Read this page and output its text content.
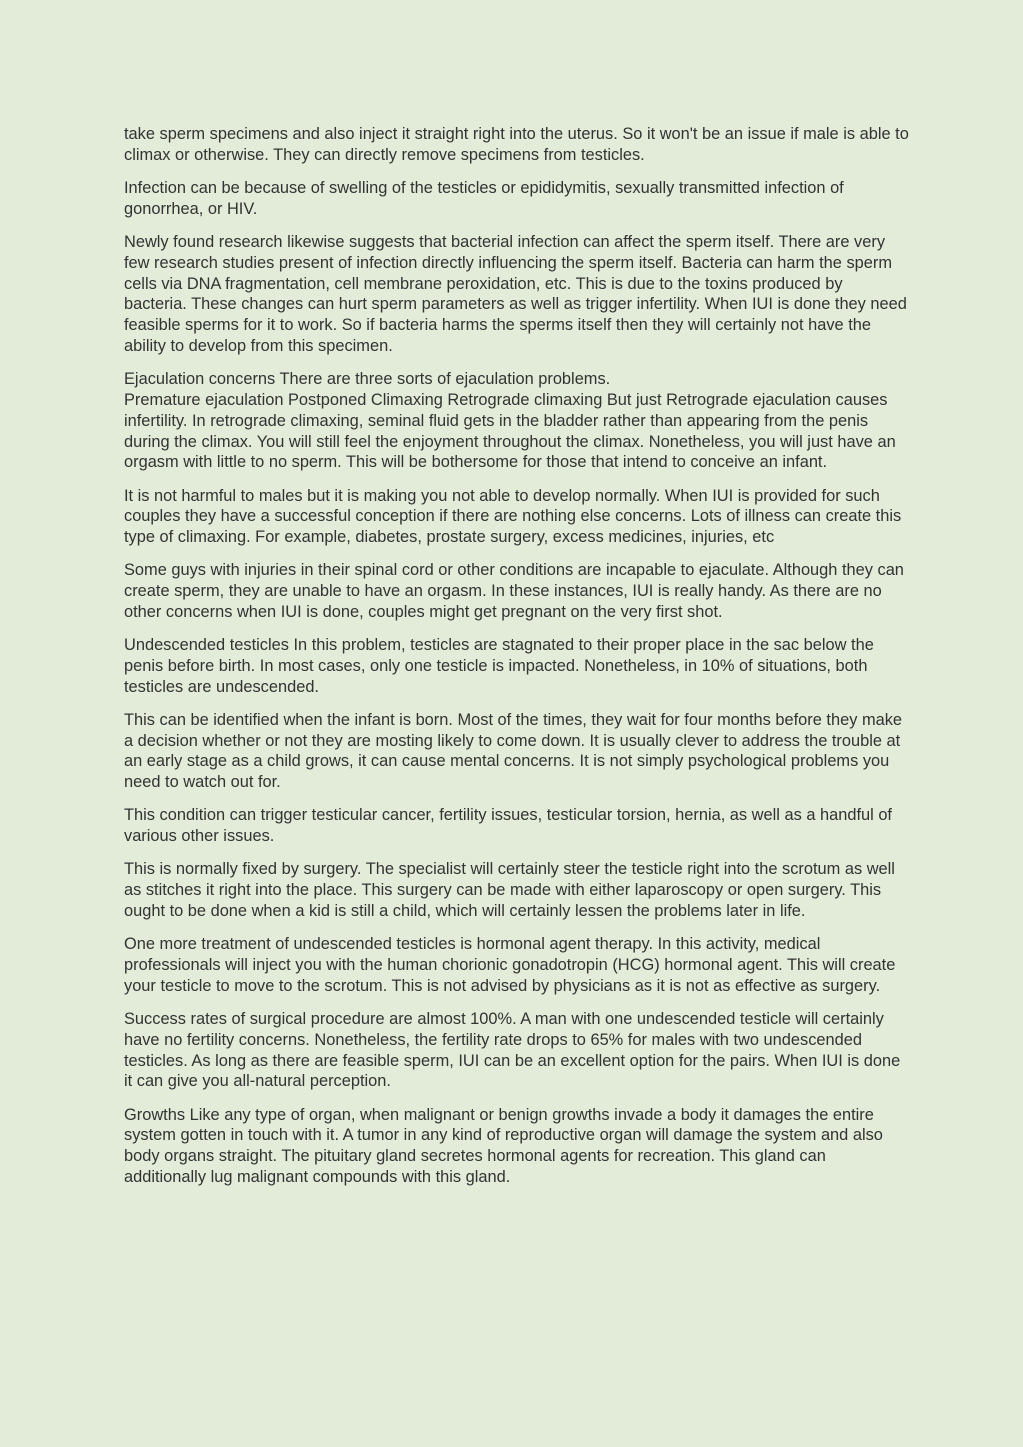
take sperm specimens and also inject it straight right into the uterus. So it won't be an issue if male is able to climax or otherwise. They can directly remove specimens from testicles.

Infection can be because of swelling of the testicles or epididymitis, sexually transmitted infection of gonorrhea, or HIV.

Newly found research likewise suggests that bacterial infection can affect the sperm itself. There are very few research studies present of infection directly influencing the sperm itself. Bacteria can harm the sperm cells via DNA fragmentation, cell membrane peroxidation, etc. This is due to the toxins produced by bacteria. These changes can hurt sperm parameters as well as trigger infertility. When IUI is done they need feasible sperms for it to work. So if bacteria harms the sperms itself then they will certainly not have the ability to develop from this specimen.

Ejaculation concerns There are three sorts of ejaculation problems.
Premature ejaculation Postponed Climaxing Retrograde climaxing But just Retrograde ejaculation causes infertility. In retrograde climaxing, seminal fluid gets in the bladder rather than appearing from the penis during the climax. You will still feel the enjoyment throughout the climax. Nonetheless, you will just have an orgasm with little to no sperm. This will be bothersome for those that intend to conceive an infant.

It is not harmful to males but it is making you not able to develop normally. When IUI is provided for such couples they have a successful conception if there are nothing else concerns. Lots of illness can create this type of climaxing. For example, diabetes, prostate surgery, excess medicines, injuries, etc

Some guys with injuries in their spinal cord or other conditions are incapable to ejaculate. Although they can create sperm, they are unable to have an orgasm. In these instances, IUI is really handy. As there are no other concerns when IUI is done, couples might get pregnant on the very first shot.

Undescended testicles In this problem, testicles are stagnated to their proper place in the sac below the penis before birth. In most cases, only one testicle is impacted. Nonetheless, in 10% of situations, both testicles are undescended.

This can be identified when the infant is born. Most of the times, they wait for four months before they make a decision whether or not they are mosting likely to come down. It is usually clever to address the trouble at an early stage as a child grows, it can cause mental concerns. It is not simply psychological problems you need to watch out for.

This condition can trigger testicular cancer, fertility issues, testicular torsion, hernia, as well as a handful of various other issues.

This is normally fixed by surgery. The specialist will certainly steer the testicle right into the scrotum as well as stitches it right into the place. This surgery can be made with either laparoscopy or open surgery. This ought to be done when a kid is still a child, which will certainly lessen the problems later in life.

One more treatment of undescended testicles is hormonal agent therapy. In this activity, medical professionals will inject you with the human chorionic gonadotropin (HCG) hormonal agent. This will create your testicle to move to the scrotum. This is not advised by physicians as it is not as effective as surgery.

Success rates of surgical procedure are almost 100%. A man with one undescended testicle will certainly have no fertility concerns. Nonetheless, the fertility rate drops to 65% for males with two undescended testicles. As long as there are feasible sperm, IUI can be an excellent option for the pairs. When IUI is done it can give you all-natural perception.

Growths Like any type of organ, when malignant or benign growths invade a body it damages the entire system gotten in touch with it. A tumor in any kind of reproductive organ will damage the system and also body organs straight. The pituitary gland secretes hormonal agents for recreation. This gland can additionally lug malignant compounds with this gland.
